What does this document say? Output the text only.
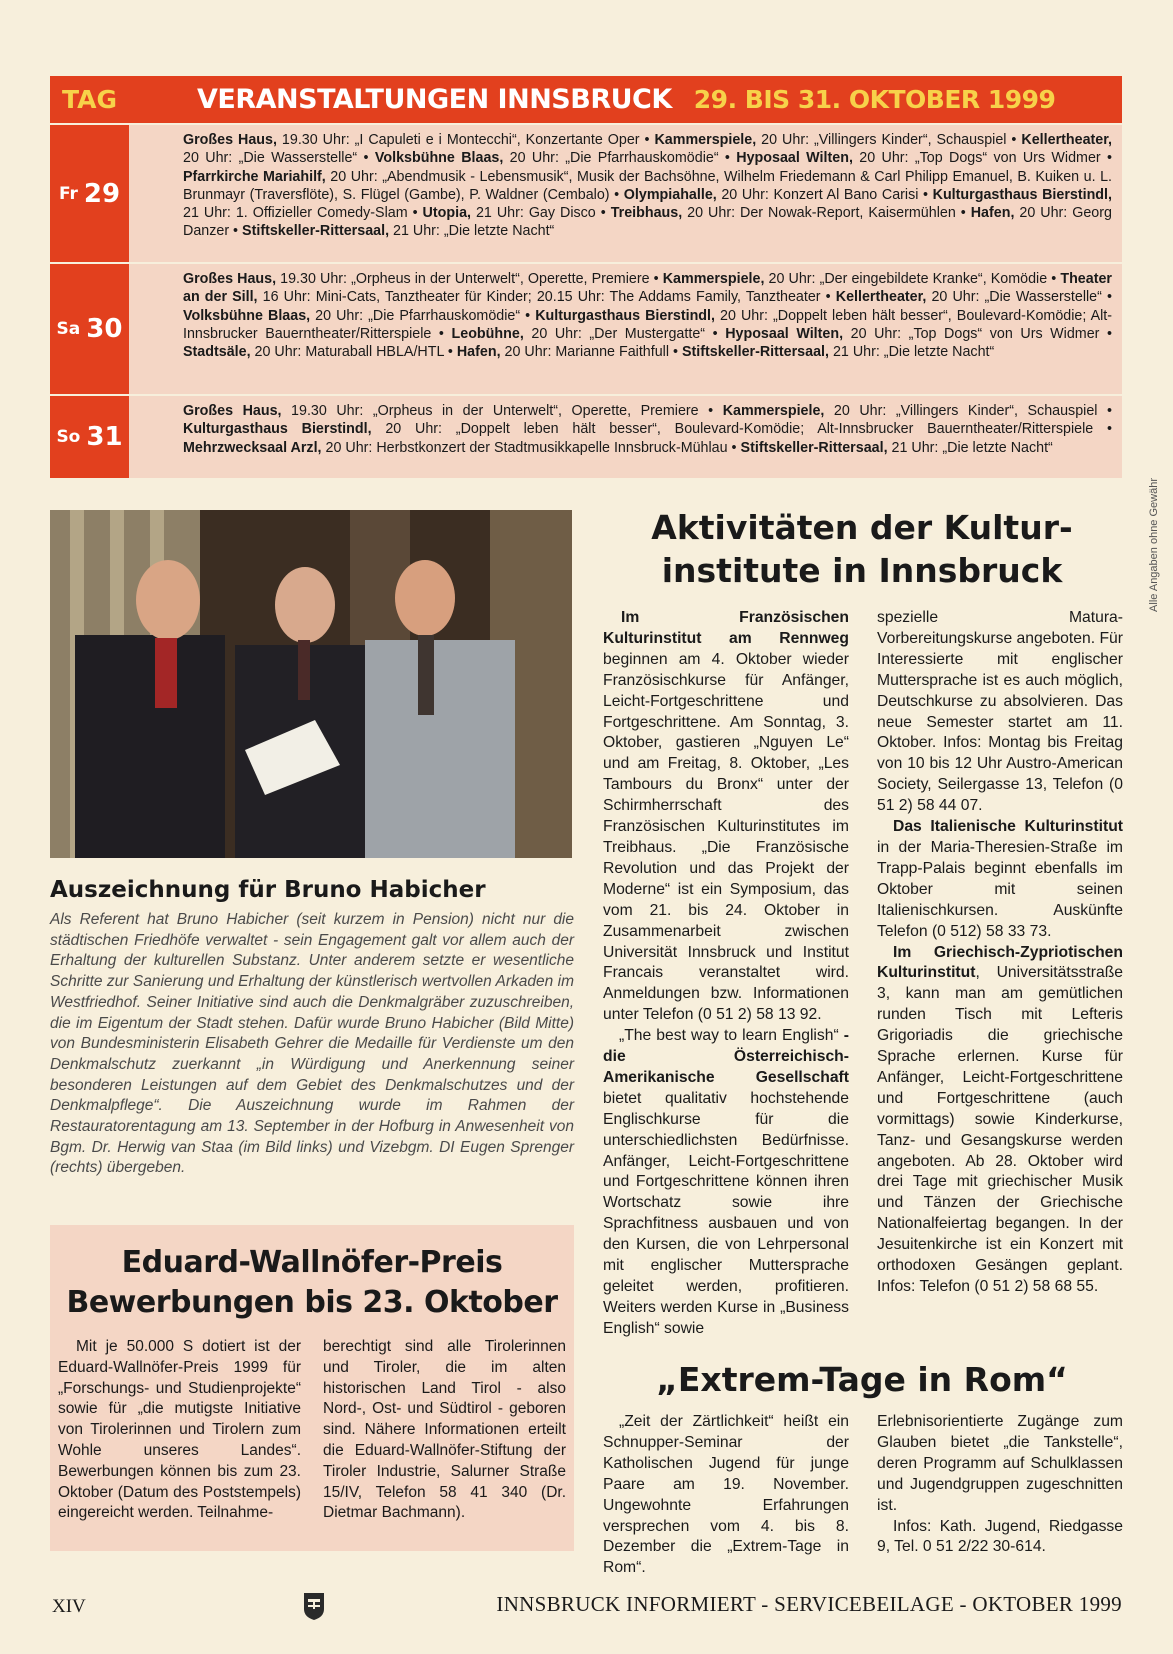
TAG	VERANSTALTUNGEN INNSBRUCK 29. BIS 31. OKTOBER 1999
Fr 29
Großes Haus, 19.30 Uhr: „I Capuleti e i Montecchi“, Konzertante Oper • Kammerspiele, 20 Uhr: „Villingers Kinder“, Schauspiel • Kellertheater, 20 Uhr: „Die Wasserstelle“ • Volksbühne Blaas, 20 Uhr: „Die Pfarrhauskomödie“ • Hyposaal Wilten, 20 Uhr: „Top Dogs“ von Urs Widmer • Pfarrkirche Mariahilf, 20 Uhr: „Abendmusik - Lebensmusik“, Musik der Bachsöhne, Wilhelm Friedemann & Carl Philipp Emanuel, B. Kuiken u. L. Brunmayr (Traversflöte), S. Flügel (Gambe), P. Waldner (Cembalo) • Olympiahalle, 20 Uhr: Konzert Al Bano Carisi • Kulturgasthaus Bierstindl, 21 Uhr: 1. Offizieller Comedy-Slam • Utopia, 21 Uhr: Gay Disco • Treibhaus, 20 Uhr: Der Nowak-Report, Kaisermühlen • Hafen, 20 Uhr: Georg Danzer • Stiftskeller-Rittersaal, 21 Uhr: „Die letzte Nacht“
Sa 30
Großes Haus, 19.30 Uhr: „Orpheus in der Unterwelt“, Operette, Premiere • Kammerspiele, 20 Uhr: „Der eingebildete Kranke“, Komödie • Theater an der Sill, 16 Uhr: Mini-Cats, Tanztheater für Kinder; 20.15 Uhr: The Addams Family, Tanztheater • Kellertheater, 20 Uhr: „Die Wasserstelle“ • Volksbühne Blaas, 20 Uhr: „Die Pfarrhauskomödie“ • Kulturgasthaus Bierstindl, 20 Uhr: „Doppelt leben hält besser“, Boulevard-Komödie; Alt-Innsbrucker Bauerntheater/Ritterspiele • Leobühne, 20 Uhr: „Der Mustergatte“ • Hyposaal Wilten, 20 Uhr: „Top Dogs“ von Urs Widmer • Stadtsäle, 20 Uhr: Maturaball HBLA/HTL • Hafen, 20 Uhr: Marianne Faithfull • Stiftskeller-Rittersaal, 21 Uhr: „Die letzte Nacht“
So 31
Großes Haus, 19.30 Uhr: „Orpheus in der Unterwelt“, Operette, Premiere • Kammerspiele, 20 Uhr: „Villingers Kinder“, Schauspiel • Kulturgasthaus Bierstindl, 20 Uhr: „Doppelt leben hält besser“, Boulevard-Komödie; Alt-Innsbrucker Bauerntheater/Ritterspiele • Mehrzwecksaal Arzl, 20 Uhr: Herbstkonzert der Stadtmusikkapelle Innsbruck-Mühlau • Stiftskeller-Rittersaal, 21 Uhr: „Die letzte Nacht“
Alle Angaben ohne Gewähr
Auszeichnung für Bruno Habicher
Als Referent hat Bruno Habicher (seit kurzem in Pension) nicht nur die städtischen Friedhöfe verwaltet - sein Engagement galt vor allem auch der Erhaltung der kulturellen Substanz. Unter anderem setzte er wesentliche Schritte zur Sanierung und Erhaltung der künstlerisch wertvollen Arkaden im Westfriedhof. Seiner Initiative sind auch die Denkmalgräber zuzuschreiben, die im Eigentum der Stadt stehen. Dafür wurde Bruno Habicher (Bild Mitte) von Bundesministerin Elisabeth Gehrer die Medaille für Verdienste um den Denkmalschutz zuerkannt „in Würdigung und Anerkennung seiner besonderen Leistungen auf dem Gebiet des Denkmalschutzes und der Denkmalpflege“. Die Auszeichnung wurde im Rahmen der Restauratorentagung am 13. September in der Hofburg in Anwesenheit von Bgm. Dr. Herwig van Staa (im Bild links) und Vizebgm. DI Eugen Sprenger (rechts) übergeben.
Eduard-Wallnöfer-Preis
Bewerbungen bis 23. Oktober

Mit je 50.000 S dotiert ist der Eduard-Wallnöfer-Preis 1999 für „Forschungs- und Studienprojekte“ sowie für „die mutigste Initiative von Tirolerinnen und Tirolern zum Wohle unseres Landes“. Bewerbungen können bis zum 23. Oktober (Datum des Poststempels) eingereicht werden. Teilnahme-

berechtigt sind alle Tirolerinnen und Tiroler, die im alten historischen Land Tirol - also Nord-, Ost- und Südtirol - geboren sind. Nähere Informationen erteilt die Eduard-Wallnöfer-Stiftung der Tiroler Industrie, Salurner Straße 15/IV, Telefon 58 41 340 (Dr. Dietmar Bachmann).

Aktivitäten der Kultur-
institute in Innsbruck

Im Französischen Kulturinstitut am Rennweg beginnen am 4. Oktober wieder Französischkurse für Anfänger, Leicht-Fortgeschrittene und Fortgeschrittene. Am Sonntag, 3. Oktober, gastieren „Nguyen Le“ und am Freitag, 8. Oktober, „Les Tambours du Bronx“ unter der Schirmherrschaft des Französischen Kulturinstitutes im Treibhaus. „Die Französische Revolution und das Projekt der Moderne“ ist ein Symposium, das vom 21. bis 24. Oktober in Zusammenarbeit zwischen Universität Innsbruck und Institut Francais veranstaltet wird. Anmeldungen bzw. Informationen unter Telefon (0 51 2) 58 13 92.

„The best way to learn English“ - die Österreichisch-Amerikanische Gesellschaft bietet qualitativ hochstehende Englischkurse für die unterschiedlichsten Bedürfnisse. Anfänger, Leicht-Fortgeschrittene und Fortgeschrittene können ihren Wortschatz sowie ihre Sprachfitness ausbauen und von den Kursen, die von Lehrpersonal mit englischer Muttersprache geleitet werden, profitieren. Weiters werden Kurse in „Business English“ sowie

spezielle Matura-Vorbereitungskurse angeboten. Für Interessierte mit englischer Muttersprache ist es auch möglich, Deutschkurse zu absolvieren. Das neue Semester startet am 11. Oktober. Infos: Montag bis Freitag von 10 bis 12 Uhr Austro-American Society, Seilergasse 13, Telefon (0 51 2) 58 44 07.

Das Italienische Kulturinstitut in der Maria-Theresien-Straße im Trapp-Palais beginnt ebenfalls im Oktober mit seinen Italienischkursen. Auskünfte Telefon (0 512) 58 33 73.

Im Griechisch-Zypriotischen Kulturinstitut, Universitätsstraße 3, kann man am gemütlichen runden Tisch mit Lefteris Grigoriadis die griechische Sprache erlernen. Kurse für Anfänger, Leicht-Fortgeschrittene und Fortgeschrittene (auch vormittags) sowie Kinderkurse, Tanz- und Gesangskurse werden angeboten. Ab 28. Oktober wird drei Tage mit griechischer Musik und Tänzen der Griechische Nationalfeiertag begangen. In der Jesuitenkirche ist ein Konzert mit orthodoxen Gesängen geplant. Infos: Telefon (0 51 2) 58 68 55.

„Extrem-Tage in Rom“

„Zeit der Zärtlichkeit“ heißt ein Schnupper-Seminar der Katholischen Jugend für junge Paare am 19. November. Ungewohnte Erfahrungen versprechen vom 4. bis 8. Dezember die „Extrem-Tage in Rom“.

Erlebnisorientierte Zugänge zum Glauben bietet „die Tankstelle“, deren Programm auf Schulklassen und Jugendgruppen zugeschnitten ist.

Infos: Kath. Jugend, Riedgasse 9, Tel. 0 51 2/22 30-614.

XIV	INNSBRUCK INFORMIERT - SERVICEBEILAGE - OKTOBER 1999
